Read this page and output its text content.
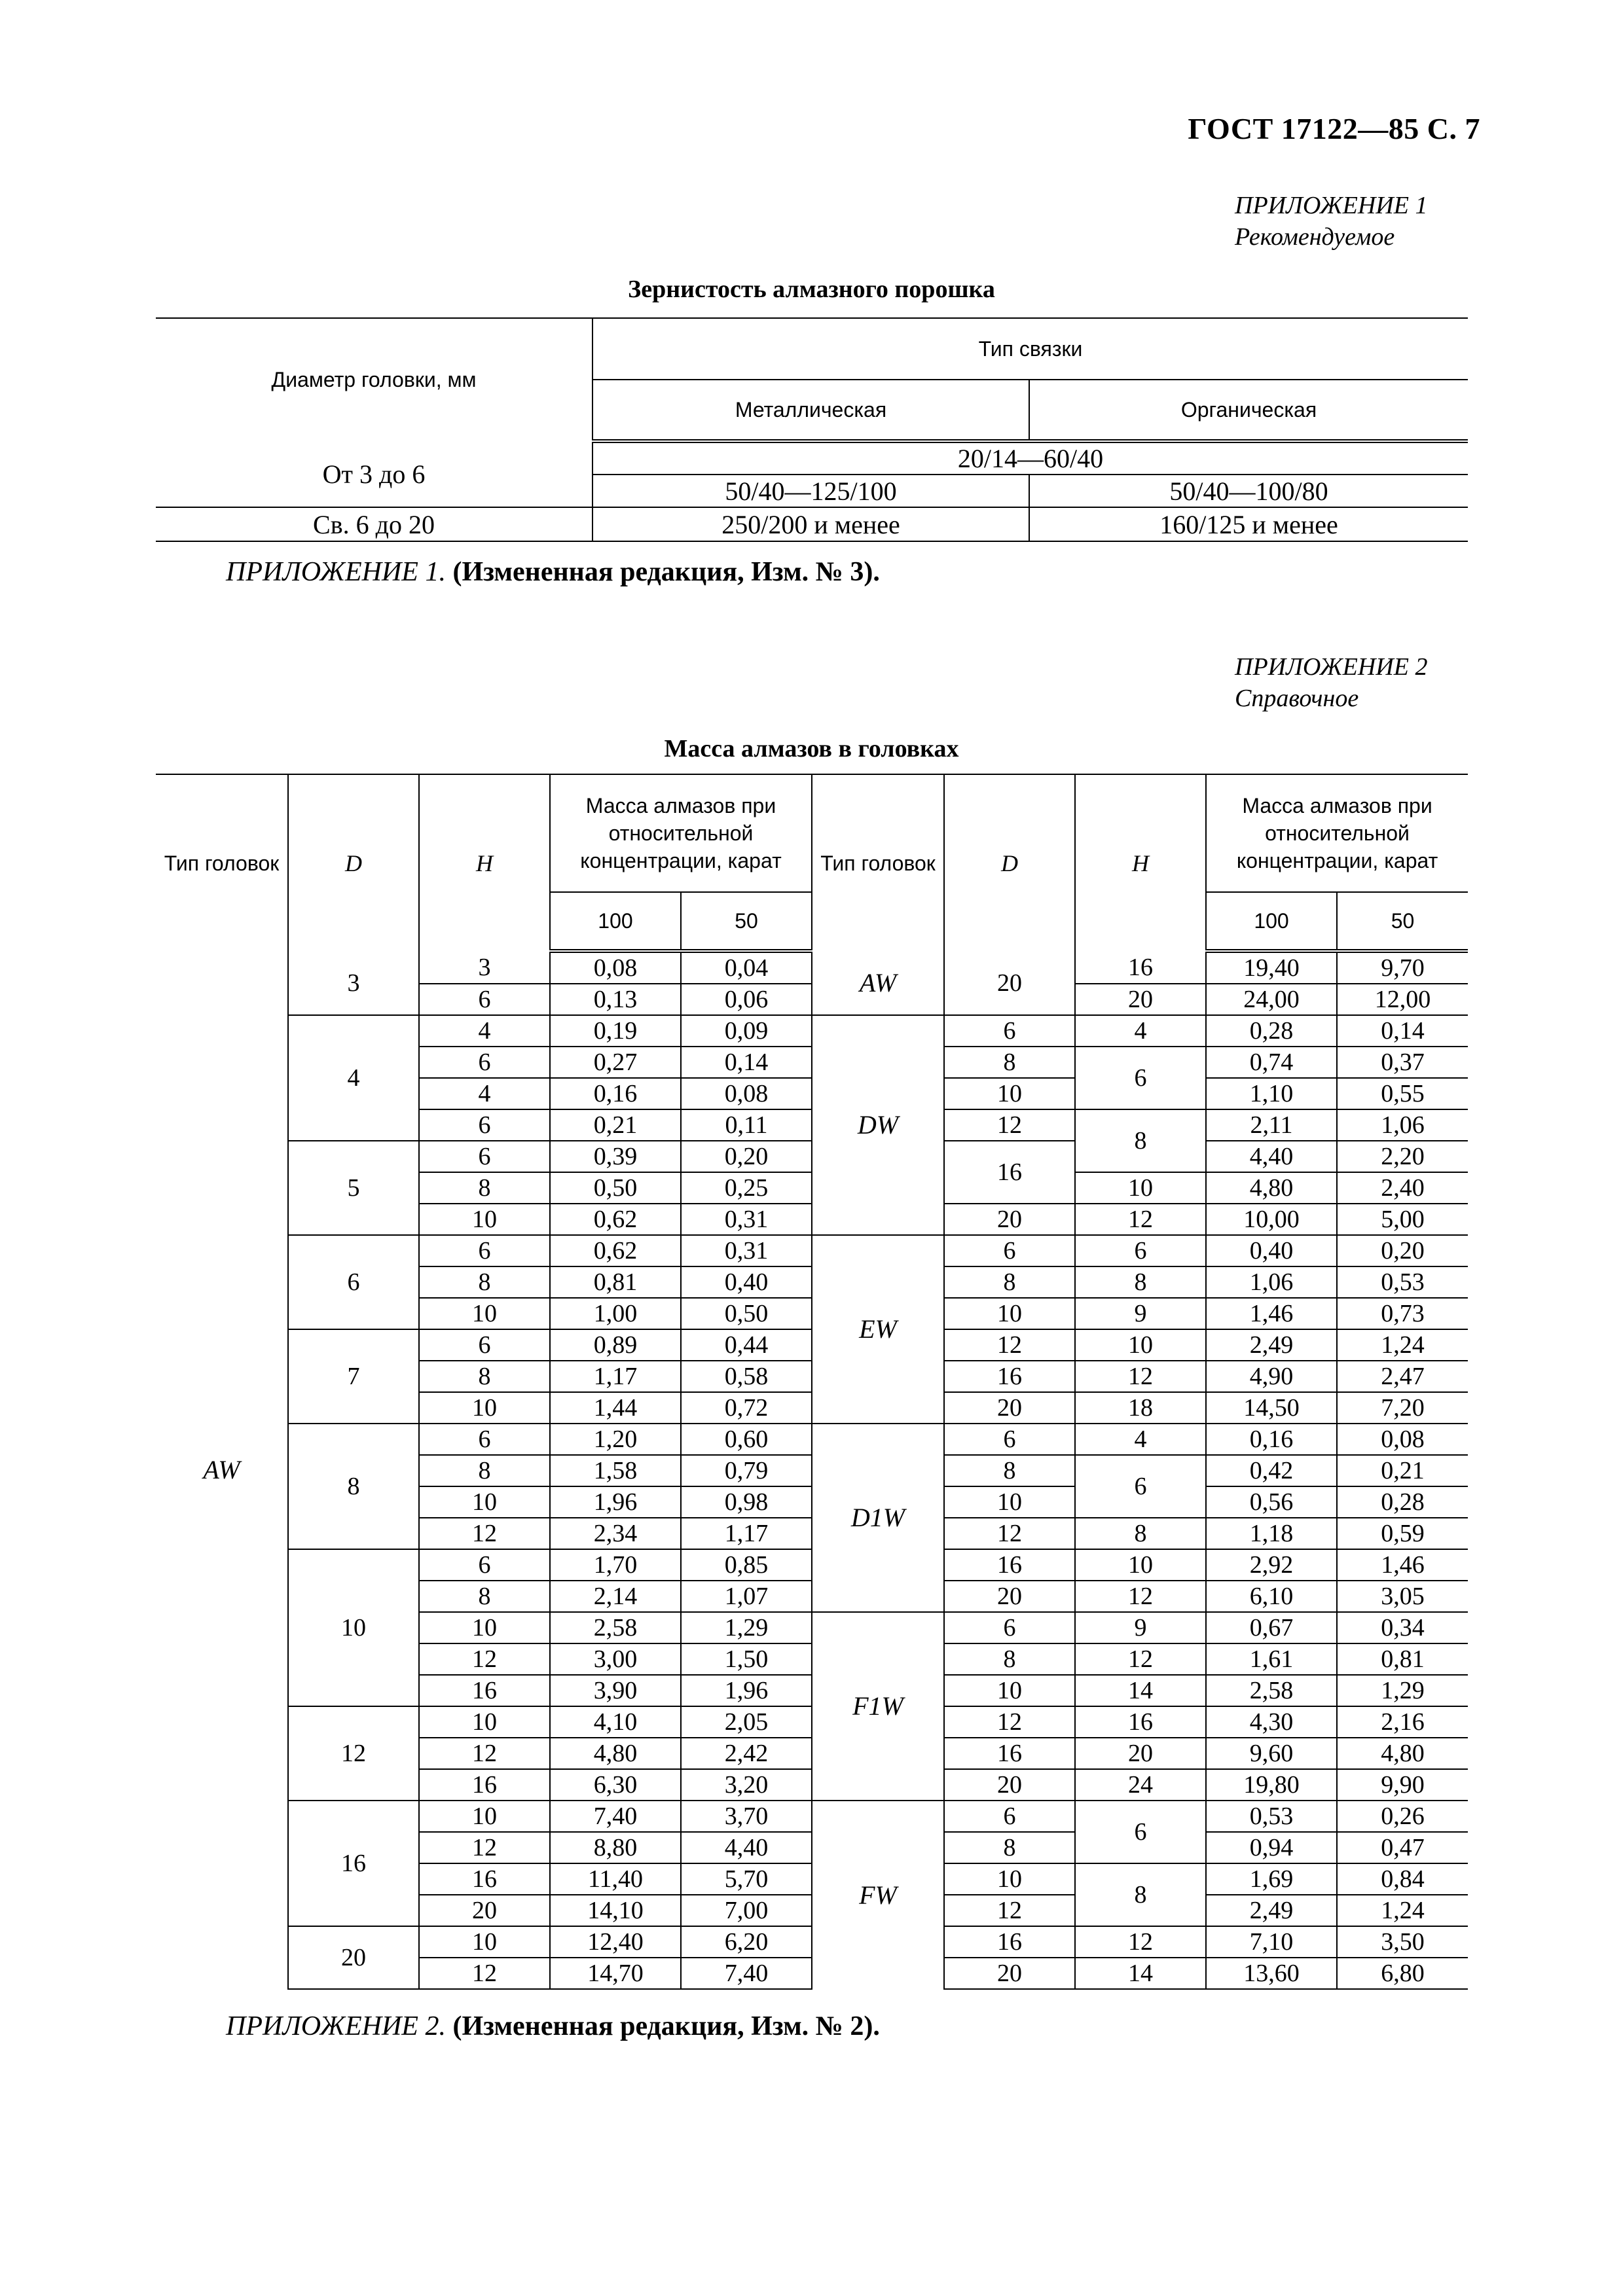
ГОСТ 17122—85 С. 7
ПРИЛОЖЕНИЕ 1
Рекомендуемое
Зернистость алмазного порошка
Диаметр головки, мм	Тип связки	
	Металлическая	Органическая
От 3 до 6	20/14—60/40	
	50/40—125/100	50/40—100/80
Св. 6 до 20	250/200 и менее	160/125 и менее
ПРИЛОЖЕНИЕ 1. (Измененная редакция, Изм. № 3).
ПРИЛОЖЕНИЕ 2
Справочное
Масса алмазов в головках
Тип головок	D	H	Масса алмазов при относительной концентрации, карат		Тип головок	D	H	Масса алмазов при относительной концентрации, карат	
			100	50				100	50
AW	3	3	0,08	0,04	AW	20	16	19,40	9,70
		6	0,13	0,06			20	24,00	12,00
	4	4	0,19	0,09	DW	6	4	0,28	0,14
		6	0,27	0,14		8	6	0,74	0,37
		4	0,16	0,08		10		1,10	0,55
		6	0,21	0,11		12	8	2,11	1,06
	5	6	0,39	0,20		16		4,40	2,20
		8	0,50	0,25			10	4,80	2,40
		10	0,62	0,31		20	12	10,00	5,00
	6	6	0,62	0,31	EW	6	6	0,40	0,20
		8	0,81	0,40		8	8	1,06	0,53
		10	1,00	0,50		10	9	1,46	0,73
	7	6	0,89	0,44		12	10	2,49	1,24
		8	1,17	0,58		16	12	4,90	2,47
		10	1,44	0,72		20	18	14,50	7,20
	8	6	1,20	0,60	D1W	6	4	0,16	0,08
		8	1,58	0,79		8	6	0,42	0,21
		10	1,96	0,98		10		0,56	0,28
		12	2,34	1,17		12	8	1,18	0,59
	10	6	1,70	0,85		16	10	2,92	1,46
		8	2,14	1,07		20	12	6,10	3,05
		10	2,58	1,29	F1W	6	9	0,67	0,34
		12	3,00	1,50		8	12	1,61	0,81
		16	3,90	1,96		10	14	2,58	1,29
	12	10	4,10	2,05		12	16	4,30	2,16
		12	4,80	2,42		16	20	9,60	4,80
		16	6,30	3,20		20	24	19,80	9,90
	16	10	7,40	3,70	FW	6	6	0,53	0,26
		12	8,80	4,40		8		0,94	0,47
		16	11,40	5,70		10	8	1,69	0,84
		20	14,10	7,00		12		2,49	1,24
	20	10	12,40	6,20		16	12	7,10	3,50
		12	14,70	7,40		20	14	13,60	6,80
ПРИЛОЖЕНИЕ 2. (Измененная редакция, Изм. № 2).
